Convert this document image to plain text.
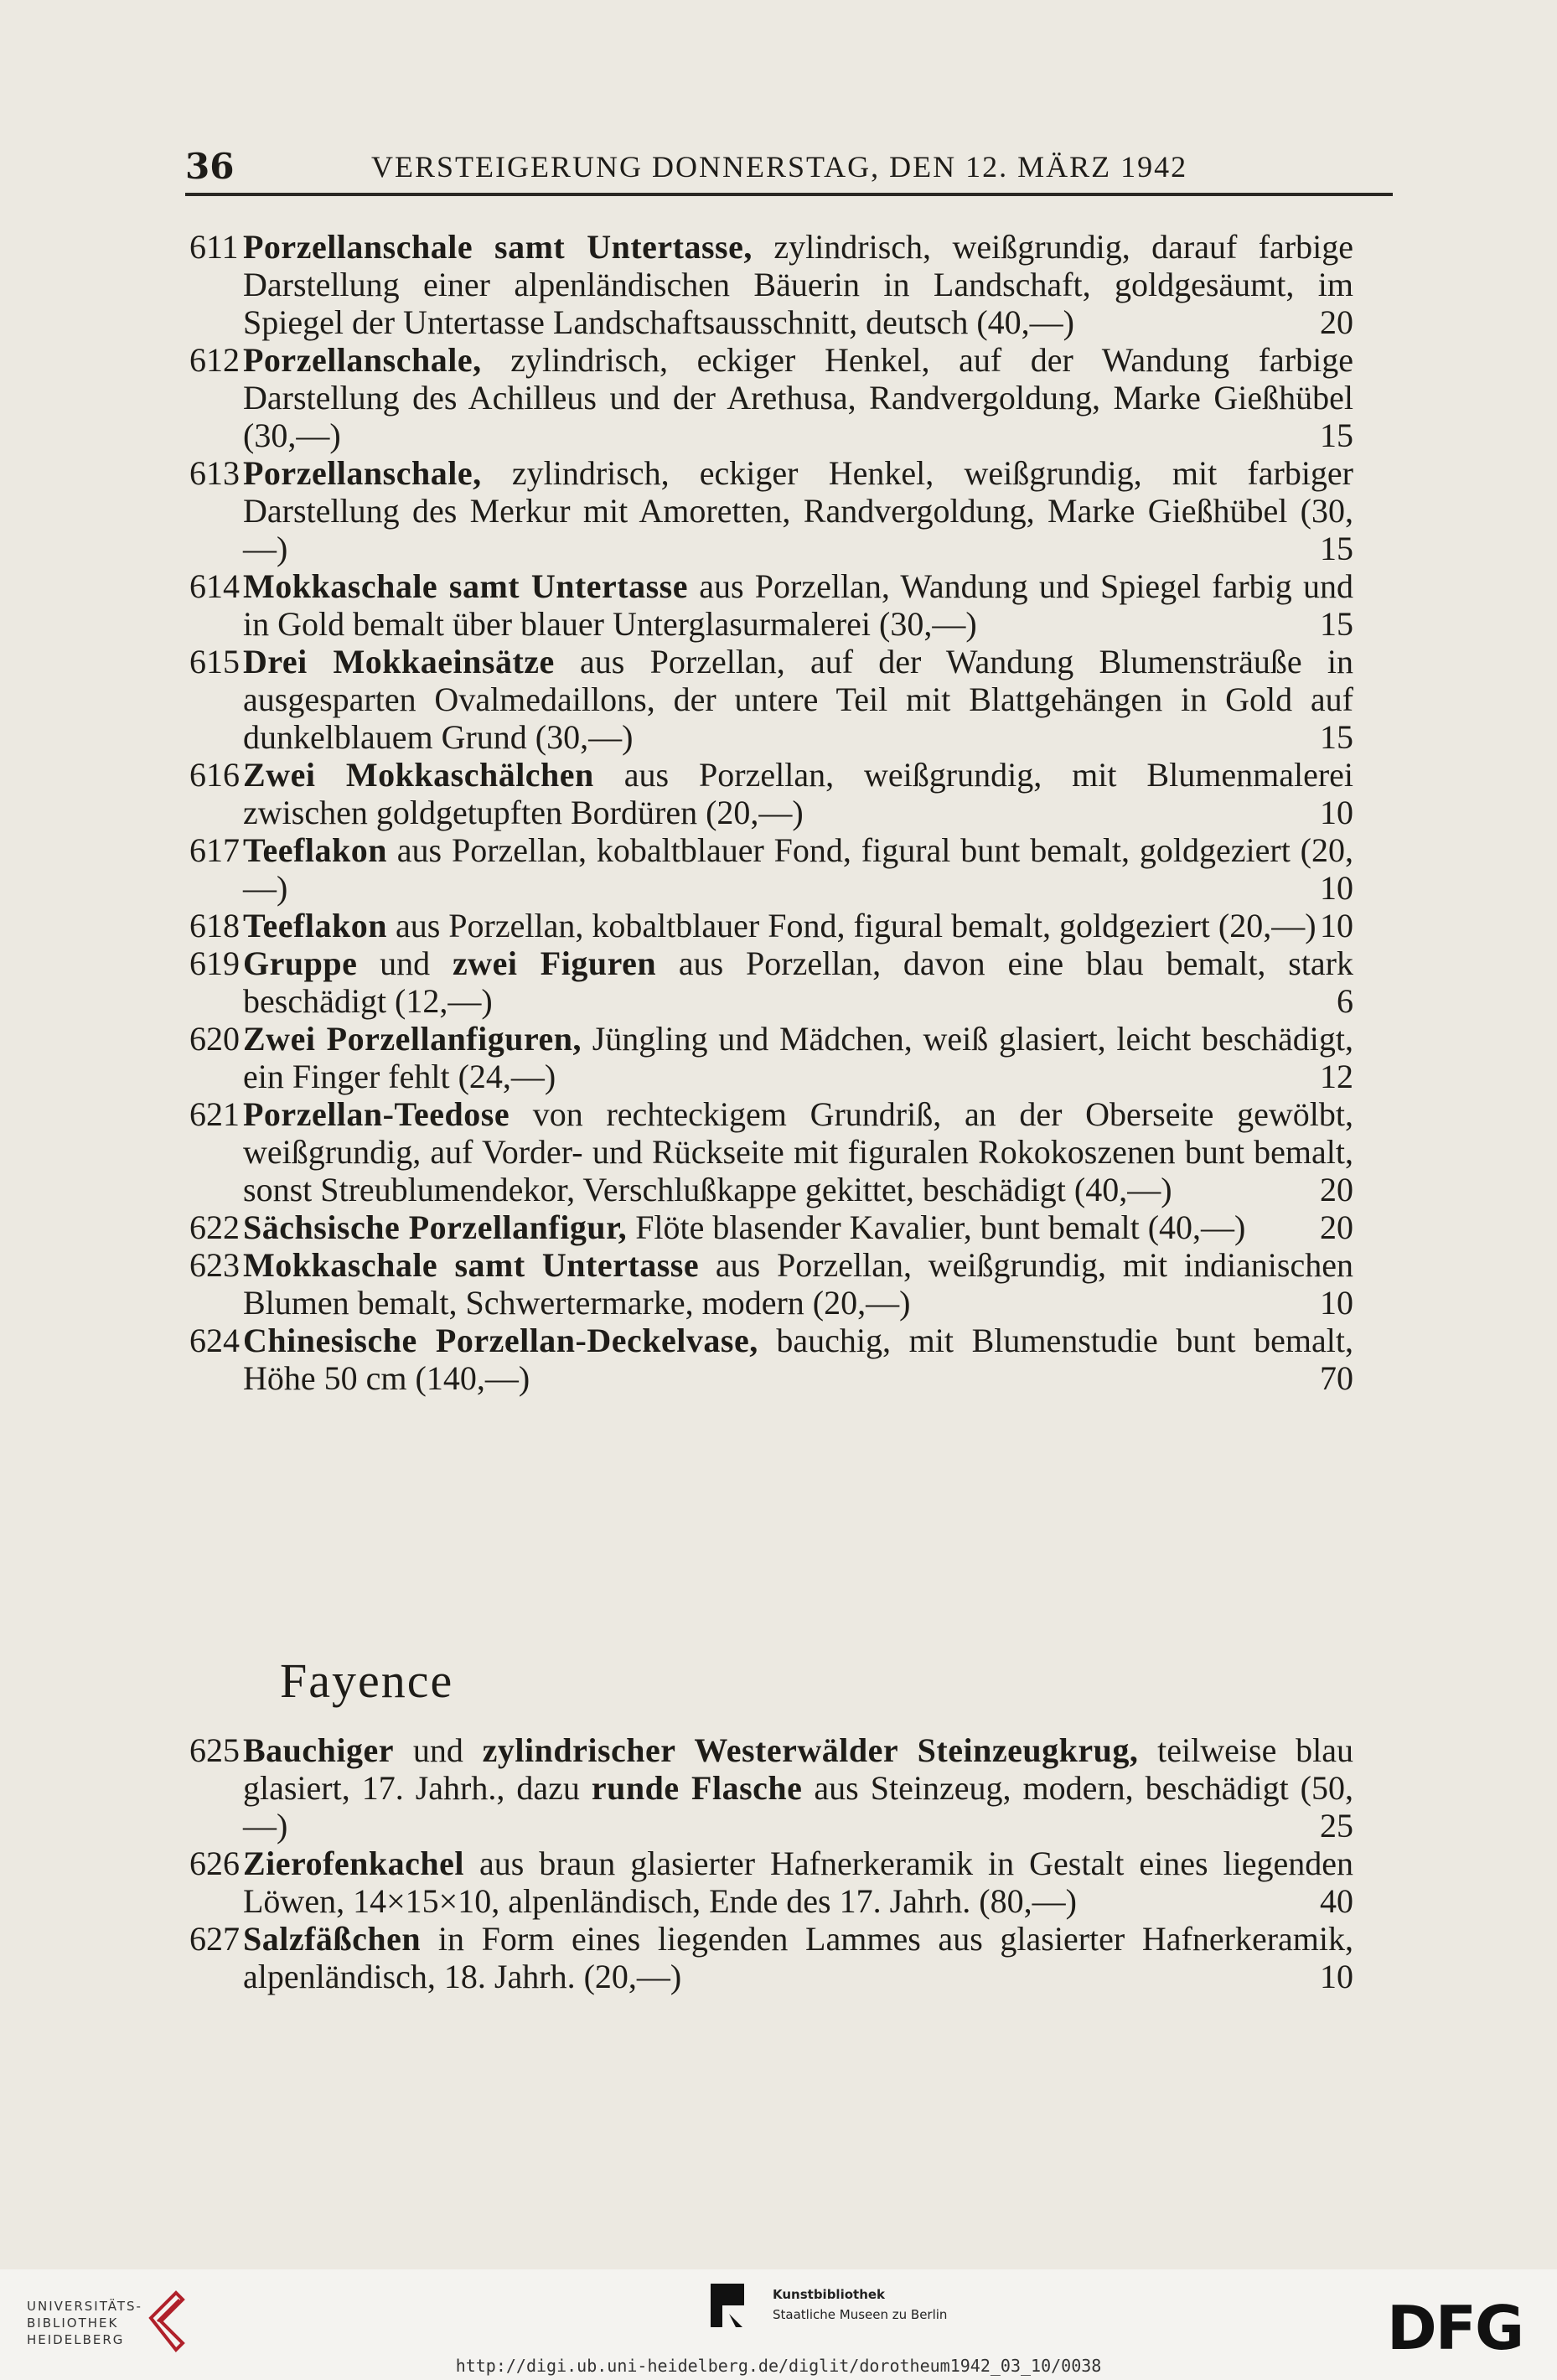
36	VERSTEIGERUNG DONNERSTAG, DEN 12. MÄRZ 1942
611 Porzellanschale samt Untertasse, zylindrisch, weißgrundig, darauf farbige Darstellung einer alpenländischen Bäuerin in Landschaft, goldgesäumt, im Spiegel der Untertasse Landschaftsausschnitt, deutsch (40,—)	20
612 Porzellanschale, zylindrisch, eckiger Henkel, auf der Wandung farbige Darstellung des Achilleus und der Arethusa, Randvergoldung, Marke Gießhübel (30,—)	15
613 Porzellanschale, zylindrisch, eckiger Henkel, weißgrundig, mit farbiger Darstellung des Merkur mit Amoretten, Randvergoldung, Marke Gießhübel (30,—)	15
614 Mokkaschale samt Untertasse aus Porzellan, Wandung und Spiegel farbig und in Gold bemalt über blauer Unterglasurmalerei (30,—)	15
615 Drei Mokkaeinsätze aus Porzellan, auf der Wandung Blumensträuße in ausgesparten Ovalmedaillons, der untere Teil mit Blattgehängen in Gold auf dunkelblauem Grund (30,—)	15
616 Zwei Mokkaschälchen aus Porzellan, weißgrundig, mit Blumenmalerei zwischen goldgetupften Bordüren (20,—)	10
617 Teeflakon aus Porzellan, kobaltblauer Fond, figural bunt bemalt, goldgeziert (20,—)	10
618 Teeflakon aus Porzellan, kobaltblauer Fond, figural bemalt, goldgeziert (20,—) 10
619 Gruppe und zwei Figuren aus Porzellan, davon eine blau bemalt, stark beschädigt (12,—)	6
620 Zwei Porzellanfiguren, Jüngling und Mädchen, weiß glasiert, leicht beschädigt, ein Finger fehlt (24,—)	12
621 Porzellan-Teedose von rechteckigem Grundriß, an der Oberseite gewölbt, weißgrundig, auf Vorder- und Rückseite mit figuralen Rokokoszenen bunt bemalt, sonst Streublumendekor, Verschlußkappe gekittet, beschädigt (40,—)	20
622 Sächsische Porzellanfigur, Flöte blasender Kavalier, bunt bemalt (40,—) 20
623 Mokkaschale samt Untertasse aus Porzellan, weißgrundig, mit indianischen Blumen bemalt, Schwertermarke, modern (20,—)	10
624 Chinesische Porzellan-Deckelvase, bauchig, mit Blumenstudie bunt bemalt, Höhe 50 cm (140,—)	70
Fayence
625 Bauchiger und zylindrischer Westerwälder Steinzeugkrug, teilweise blau glasiert, 17. Jahrh., dazu runde Flasche aus Steinzeug, modern, beschädigt (50,—)	25
626 Zierofenkachel aus braun glasierter Hafnerkeramik in Gestalt eines liegenden Löwen, 14×15×10, alpenländisch, Ende des 17. Jahrh. (80,—)	40
627 Salzfäßchen in Form eines liegenden Lammes aus glasierter Hafnerkeramik, alpenländisch, 18. Jahrh. (20,—)	10
UNIVERSITÄTS-
BIBLIOTHEK
HEIDELBERG
Kunstbibliothek
Staatliche Museen zu Berlin	DFG
http://digi.ub.uni-heidelberg.de/diglit/dorotheum1942_03_10/0038
